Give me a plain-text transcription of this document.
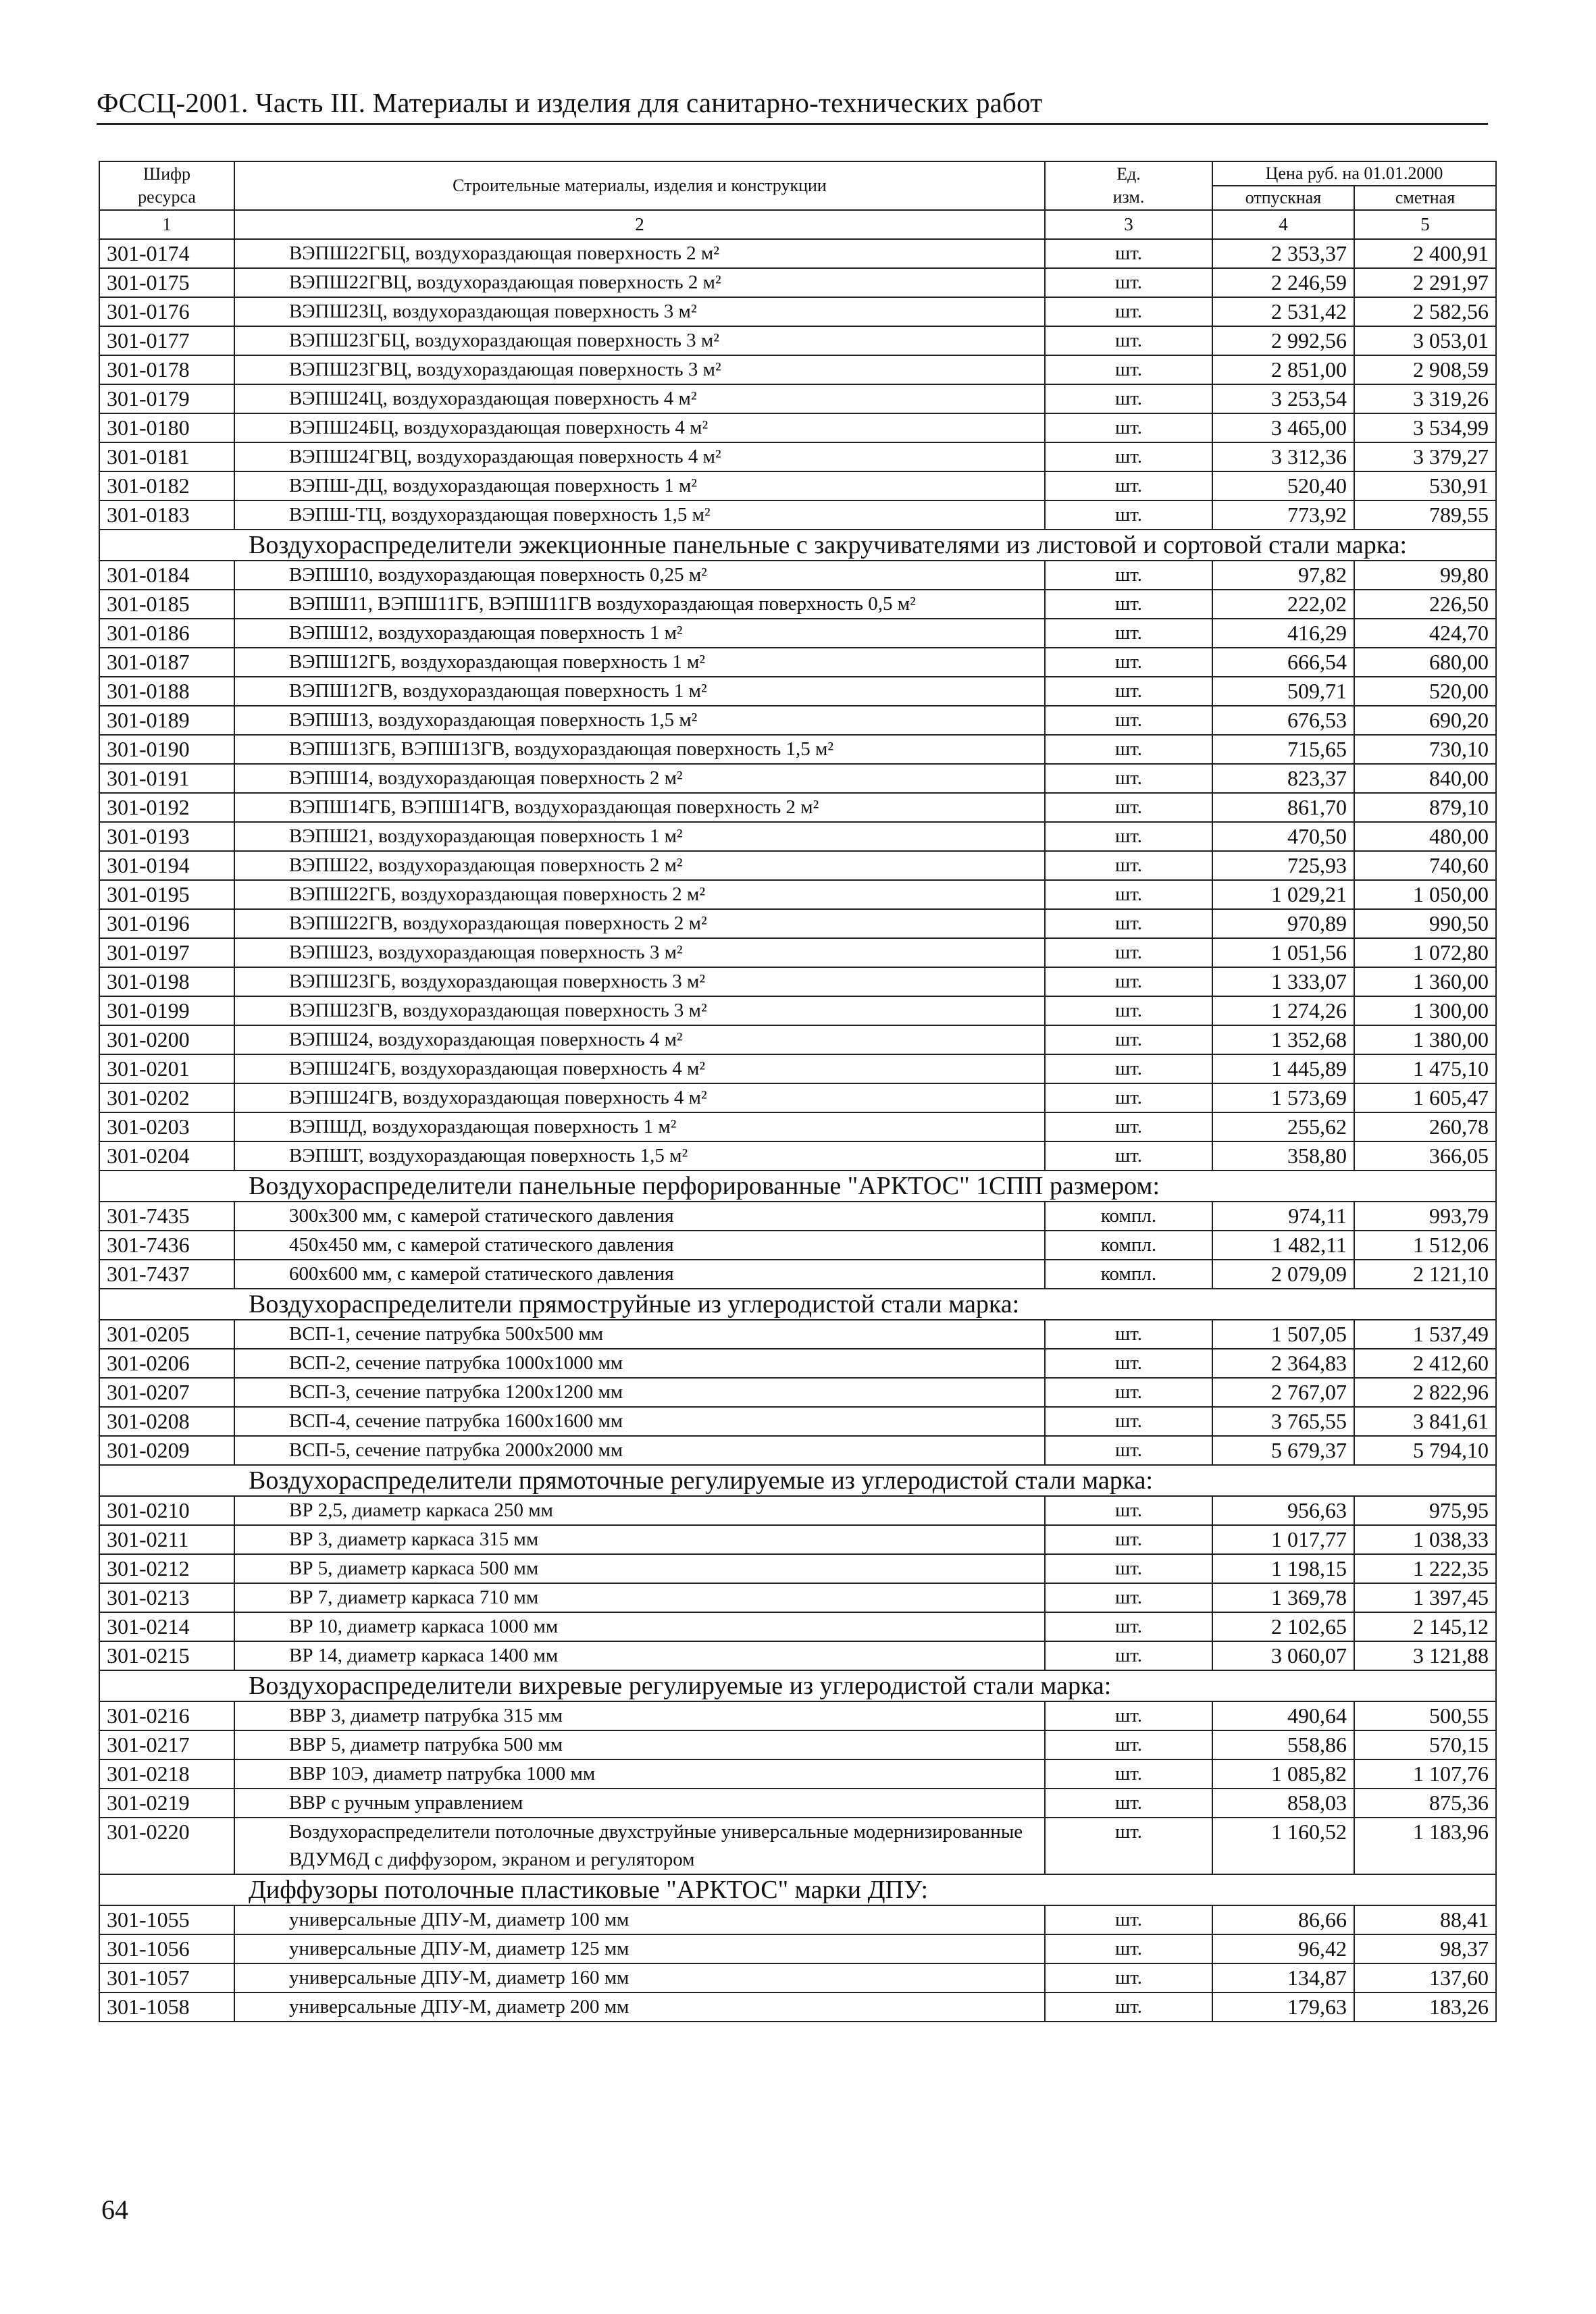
ФССЦ-2001. Часть III. Материалы и изделия для санитарно-технических работ
Шифр
ресурса	Строительные материалы, изделия и конструкции	Ед.
изм.	Цена руб. на 01.01.2000	
			отпускная	сметная
1	2	3	4	5
301-0174	ВЭПШ22ГБЦ, воздухораздающая поверхность 2 м²	шт.	2 353,37	2 400,91
301-0175	ВЭПШ22ГВЦ, воздухораздающая поверхность 2 м²	шт.	2 246,59	2 291,97
301-0176	ВЭПШ23Ц, воздухораздающая поверхность 3 м²	шт.	2 531,42	2 582,56
301-0177	ВЭПШ23ГБЦ, воздухораздающая поверхность 3 м²	шт.	2 992,56	3 053,01
301-0178	ВЭПШ23ГВЦ, воздухораздающая поверхность 3 м²	шт.	2 851,00	2 908,59
301-0179	ВЭПШ24Ц, воздухораздающая поверхность 4 м²	шт.	3 253,54	3 319,26
301-0180	ВЭПШ24БЦ, воздухораздающая поверхность 4 м²	шт.	3 465,00	3 534,99
301-0181	ВЭПШ24ГВЦ, воздухораздающая поверхность 4 м²	шт.	3 312,36	3 379,27
301-0182	ВЭПШ-ДЦ, воздухораздающая поверхность 1 м²	шт.	520,40	530,91
301-0183	ВЭПШ-ТЦ, воздухораздающая поверхность 1,5 м²	шт.	773,92	789,55
Воздухораспределители эжекционные панельные с закручивателями из листовой и сортовой стали марка:				
301-0184	ВЭПШ10, воздухораздающая поверхность 0,25 м²	шт.	97,82	99,80
301-0185	ВЭПШ11, ВЭПШ11ГБ, ВЭПШ11ГВ воздухораздающая поверхность 0,5 м²	шт.	222,02	226,50
301-0186	ВЭПШ12, воздухораздающая поверхность 1 м²	шт.	416,29	424,70
301-0187	ВЭПШ12ГБ, воздухораздающая поверхность 1 м²	шт.	666,54	680,00
301-0188	ВЭПШ12ГВ, воздухораздающая поверхность 1 м²	шт.	509,71	520,00
301-0189	ВЭПШ13, воздухораздающая поверхность 1,5 м²	шт.	676,53	690,20
301-0190	ВЭПШ13ГБ, ВЭПШ13ГВ, воздухораздающая поверхность 1,5 м²	шт.	715,65	730,10
301-0191	ВЭПШ14, воздухораздающая поверхность 2 м²	шт.	823,37	840,00
301-0192	ВЭПШ14ГБ, ВЭПШ14ГВ, воздухораздающая поверхность 2 м²	шт.	861,70	879,10
301-0193	ВЭПШ21, воздухораздающая поверхность 1 м²	шт.	470,50	480,00
301-0194	ВЭПШ22, воздухораздающая поверхность 2 м²	шт.	725,93	740,60
301-0195	ВЭПШ22ГБ, воздухораздающая поверхность 2 м²	шт.	1 029,21	1 050,00
301-0196	ВЭПШ22ГВ, воздухораздающая поверхность 2 м²	шт.	970,89	990,50
301-0197	ВЭПШ23, воздухораздающая поверхность 3 м²	шт.	1 051,56	1 072,80
301-0198	ВЭПШ23ГБ, воздухораздающая поверхность 3 м²	шт.	1 333,07	1 360,00
301-0199	ВЭПШ23ГВ, воздухораздающая поверхность 3 м²	шт.	1 274,26	1 300,00
301-0200	ВЭПШ24, воздухораздающая поверхность 4 м²	шт.	1 352,68	1 380,00
301-0201	ВЭПШ24ГБ, воздухораздающая поверхность 4 м²	шт.	1 445,89	1 475,10
301-0202	ВЭПШ24ГВ, воздухораздающая поверхность 4 м²	шт.	1 573,69	1 605,47
301-0203	ВЭПШД, воздухораздающая поверхность 1 м²	шт.	255,62	260,78
301-0204	ВЭПШТ, воздухораздающая поверхность 1,5 м²	шт.	358,80	366,05
Воздухораспределители панельные перфорированные "АРКТОС" 1СПП размером:				
301-7435	300x300 мм, с камерой статического давления	компл.	974,11	993,79
301-7436	450x450 мм, с камерой статического давления	компл.	1 482,11	1 512,06
301-7437	600x600 мм, с камерой статического давления	компл.	2 079,09	2 121,10
Воздухораспределители прямоструйные из углеродистой стали марка:				
301-0205	ВСП-1, сечение патрубка 500x500 мм	шт.	1 507,05	1 537,49
301-0206	ВСП-2, сечение патрубка 1000x1000 мм	шт.	2 364,83	2 412,60
301-0207	ВСП-3, сечение патрубка 1200x1200 мм	шт.	2 767,07	2 822,96
301-0208	ВСП-4, сечение патрубка 1600x1600 мм	шт.	3 765,55	3 841,61
301-0209	ВСП-5, сечение патрубка 2000x2000 мм	шт.	5 679,37	5 794,10
Воздухораспределители прямоточные регулируемые из углеродистой стали марка:				
301-0210	ВР 2,5, диаметр каркаса 250 мм	шт.	956,63	975,95
301-0211	ВР 3, диаметр каркаса 315 мм	шт.	1 017,77	1 038,33
301-0212	ВР 5, диаметр каркаса 500 мм	шт.	1 198,15	1 222,35
301-0213	ВР 7, диаметр каркаса 710 мм	шт.	1 369,78	1 397,45
301-0214	ВР 10, диаметр каркаса 1000 мм	шт.	2 102,65	2 145,12
301-0215	ВР 14, диаметр каркаса 1400 мм	шт.	3 060,07	3 121,88
Воздухораспределители вихревые регулируемые из углеродистой стали марка:				
301-0216	ВВР 3, диаметр патрубка 315 мм	шт.	490,64	500,55
301-0217	ВВР 5, диаметр патрубка 500 мм	шт.	558,86	570,15
301-0218	ВВР 10Э, диаметр патрубка 1000 мм	шт.	1 085,82	1 107,76
301-0219	ВВР с ручным управлением	шт.	858,03	875,36
301-0220	Воздухораспределители потолочные двухструйные универсальные модернизированные ВДУМ6Д с диффузором, экраном и регулятором	шт.	1 160,52	1 183,96
Диффузоры потолочные пластиковые "АРКТОС" марки ДПУ:				
301-1055	универсальные ДПУ-М, диаметр 100 мм	шт.	86,66	88,41
301-1056	универсальные ДПУ-М, диаметр 125 мм	шт.	96,42	98,37
301-1057	универсальные ДПУ-М, диаметр 160 мм	шт.	134,87	137,60
301-1058	универсальные ДПУ-М, диаметр 200 мм	шт.	179,63	183,26
64
